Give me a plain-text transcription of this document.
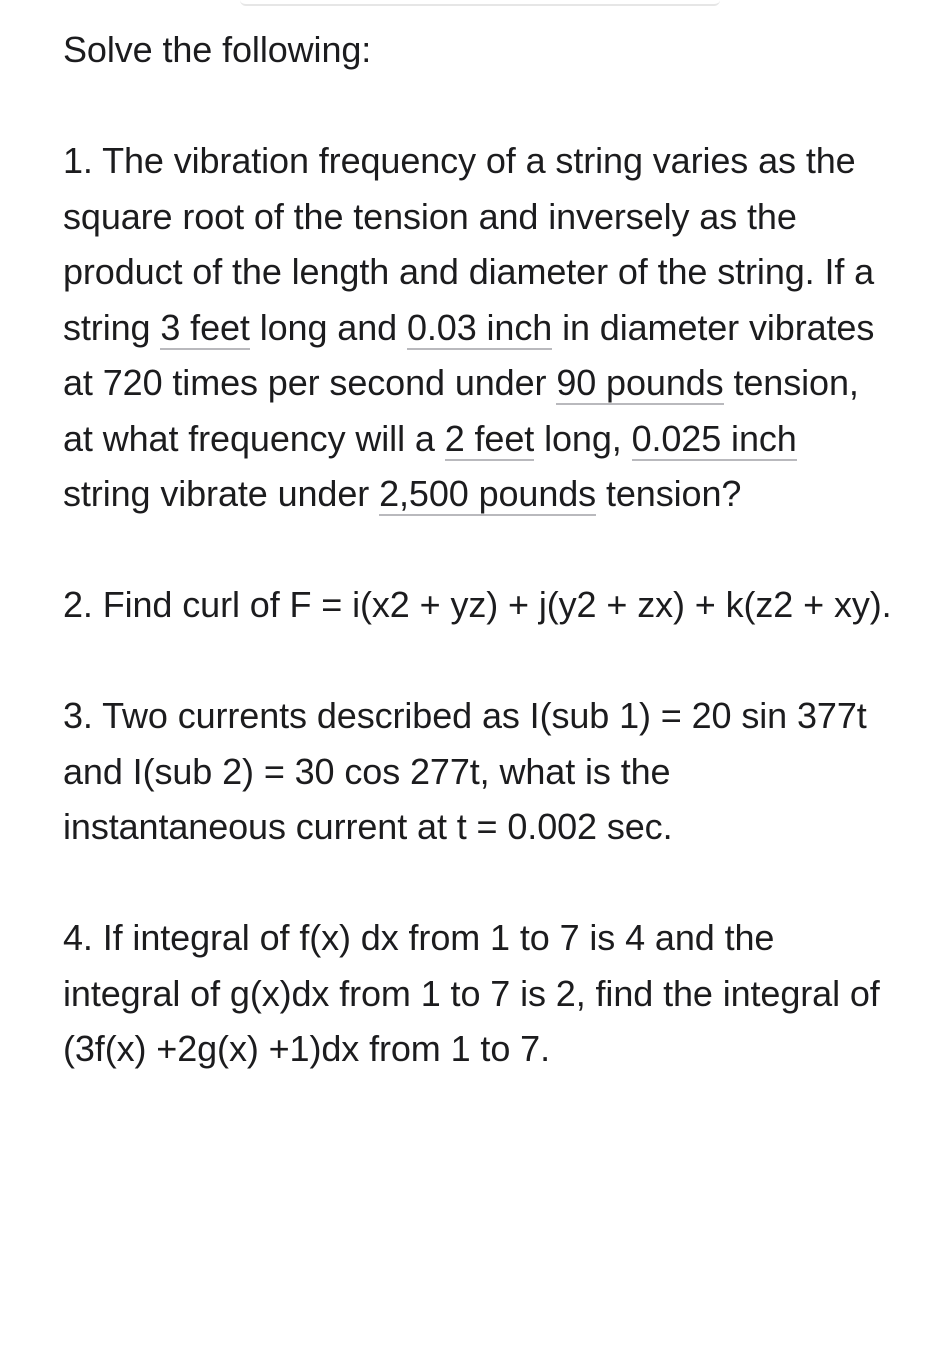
Solve the following:

1. The vibration frequency of a string varies as the square root of the tension and inversely as the product of the length and diameter of the string. If a string 3 feet long and 0.03 inch in diameter vibrates at 720 times per second under 90 pounds tension, at what frequency will a 2 feet long, 0.025 inch string vibrate under 2,500 pounds tension?

2. Find curl of F = i(x2 + yz) + j(y2 + zx) + k(z2 + xy).

3. Two currents described as I(sub 1) = 20 sin 377t and I(sub 2) = 30 cos 277t, what is the instantaneous current at t = 0.002 sec.

4. If integral of f(x) dx from 1 to 7 is 4 and the integral of g(x)dx from 1 to 7 is 2, find the integral of (3f(x) +2g(x) +1)dx from 1 to 7.
